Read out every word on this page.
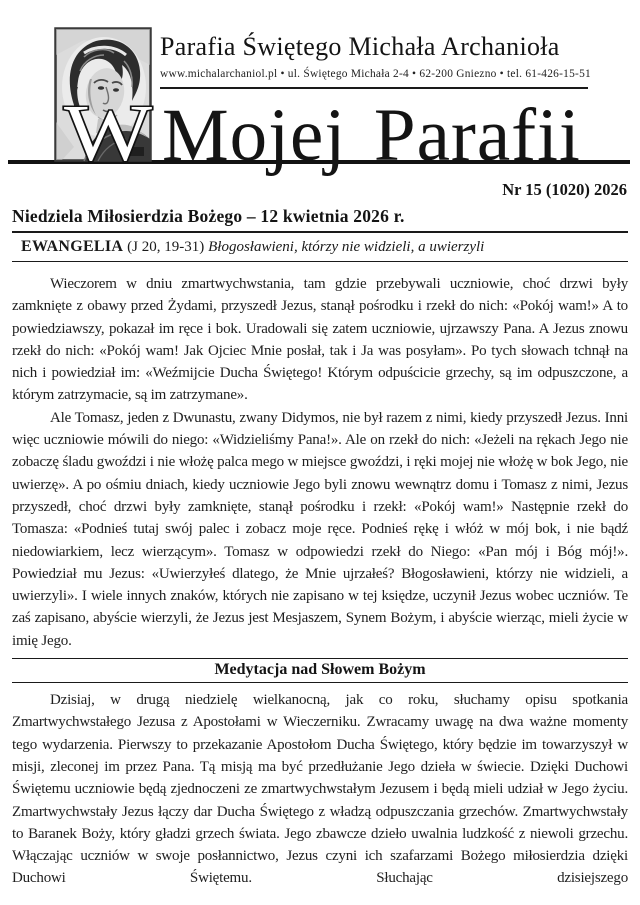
Parafia Świętego Michała Archanioła
www.michalarchaniol.pl • ul. Świętego Michała 2-4 • 62-200 Gniezno • tel. 61-426-15-51
W Mojej Parafii
Nr 15 (1020) 2026
Niedziela Miłosierdzia Bożego – 12 kwietnia 2026 r.
EWANGELIA (J 20, 19-31) Błogosławieni, którzy nie widzieli, a uwierzyli

Wieczorem w dniu zmartwychwstania, tam gdzie przebywali uczniowie, choć drzwi były zamknięte z obawy przed Żydami, przyszedł Jezus, stanął pośrodku i rzekł do nich: «Pokój wam!» A to powiedziawszy, pokazał im ręce i bok. Uradowali się zatem uczniowie, ujrzawszy Pana. A Jezus znowu rzekł do nich: «Pokój wam! Jak Ojciec Mnie posłał, tak i Ja was posyłam». Po tych słowach tchnął na nich i powiedział im: «Weźmijcie Ducha Świętego! Którym odpuścicie grzechy, są im odpuszczone, a którym zatrzymacie, są im zatrzymane».

Ale Tomasz, jeden z Dwunastu, zwany Didymos, nie był razem z nimi, kiedy przyszedł Jezus. Inni więc uczniowie mówili do niego: «Widzieliśmy Pana!». Ale on rzekł do nich: «Jeżeli na rękach Jego nie zobaczę śladu gwoździ i nie włożę palca mego w miejsce gwoździ, i ręki mojej nie włożę w bok Jego, nie uwierzę». A po ośmiu dniach, kiedy uczniowie Jego byli znowu wewnątrz domu i Tomasz z nimi, Jezus przyszedł, choć drzwi były zamknięte, stanął pośrodku i rzekł: «Pokój wam!» Następnie rzekł do Tomasza: «Podnieś tutaj swój palec i zobacz moje ręce. Podnieś rękę i włóż w mój bok, i nie bądź niedowiarkiem, lecz wierzącym». Tomasz w odpowiedzi rzekł do Niego: «Pan mój i Bóg mój!». Powiedział mu Jezus: «Uwierzyłeś dlatego, że Mnie ujrzałeś? Błogosławieni, którzy nie widzieli, a uwierzyli». I wiele innych znaków, których nie zapisano w tej księdze, uczynił Jezus wobec uczniów. Te zaś zapisano, abyście wierzyli, że Jezus jest Mesjaszem, Synem Bożym, i abyście wierząc, mieli życie w imię Jego.

Medytacja nad Słowem Bożym

Dzisiaj, w drugą niedzielę wielkanocną, jak co roku, słuchamy opisu spotkania Zmartwychwstałego Jezusa z Apostołami w Wieczerniku. Zwracamy uwagę na dwa ważne momenty tego wydarzenia. Pierwszy to przekazanie Apostołom Ducha Świętego, który będzie im towarzyszył w misji, zleconej im przez Pana. Tą misją ma być przedłużanie Jego dzieła w świecie. Dzięki Duchowi Świętemu uczniowie będą zjednoczeni ze zmartwychwstałym Jezusem i będą mieli udział w Jego życiu. Zmartwychwstały Jezus łączy dar Ducha Świętego z władzą odpuszczania grzechów. Zmartwychwstały to Baranek Boży, który gładzi grzech świata. Jego zbawcze dzieło uwalnia ludzkość z niewoli grzechu. Włączając uczniów w swoje posłannictwo, Jezus czyni ich szafarzami Bożego miłosierdzia dzięki Duchowi Świętemu. Słuchając dzisiejszego
